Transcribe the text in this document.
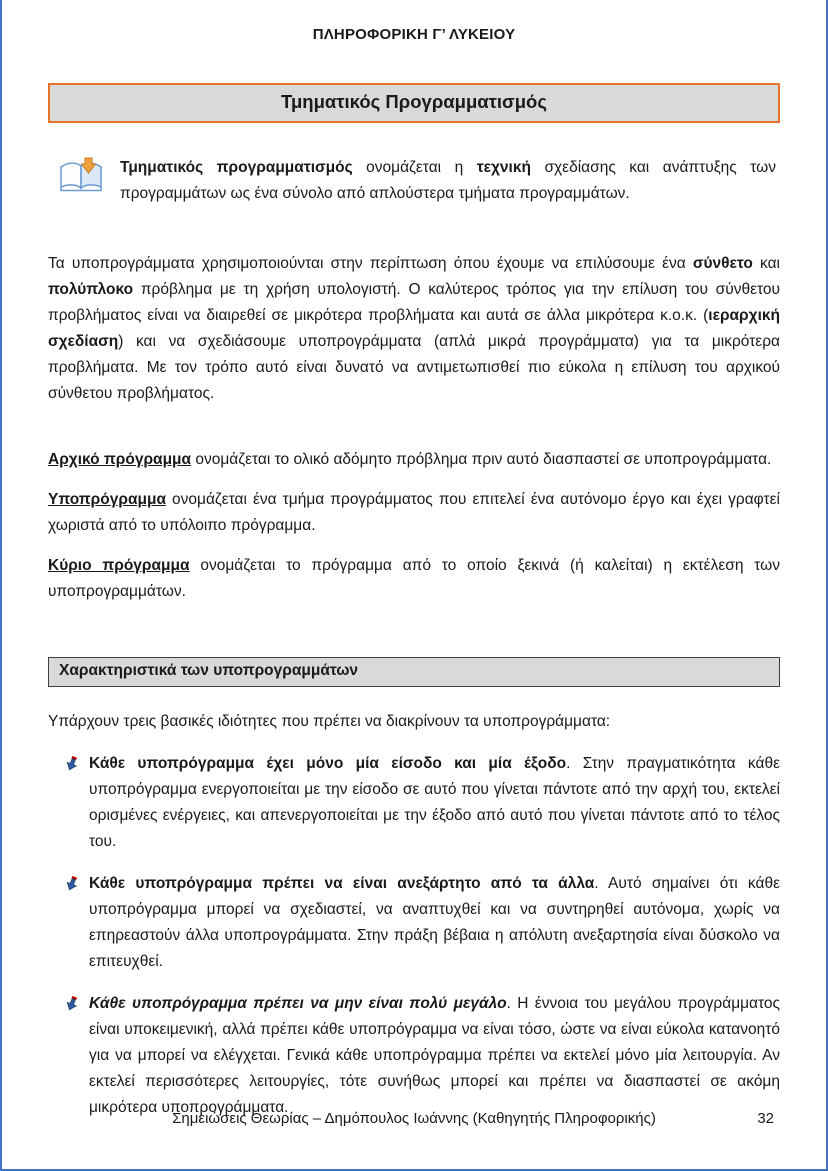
ΠΛΗΡΟΦΟΡΙΚΗ Γ’ ΛΥΚΕΙΟΥ
Τμηματικός Προγραμματισμός

Τμηματικός προγραμματισμός ονομάζεται η τεχνική σχεδίασης και ανάπτυξης των προγραμμάτων ως ένα σύνολο από απλούστερα τμήματα προγραμμάτων.

Τα υποπρογράμματα χρησιμοποιούνται στην περίπτωση όπου έχουμε να επιλύσουμε ένα σύνθετο και πολύπλοκο πρόβλημα με τη χρήση υπολογιστή. Ο καλύτερος τρόπος για την επίλυση του σύνθετου προβλήματος είναι να διαιρεθεί σε μικρότερα προβλήματα και αυτά σε άλλα μικρότερα κ.ο.κ. (ιεραρχική σχεδίαση) και να σχεδιάσουμε υποπρογράμματα (απλά μικρά προγράμματα) για τα μικρότερα προβλήματα. Με τον τρόπο αυτό είναι δυνατό να αντιμετωπισθεί πιο εύκολα η επίλυση του αρχικού σύνθετου προβλήματος.

Αρχικό πρόγραμμα ονομάζεται το ολικό αδόμητο πρόβλημα πριν αυτό διασπαστεί σε υποπρογράμματα.

Υποπρόγραμμα ονομάζεται ένα τμήμα προγράμματος που επιτελεί ένα αυτόνομο έργο και έχει γραφτεί χωριστά από το υπόλοιπο πρόγραμμα.

Κύριο πρόγραμμα ονομάζεται το πρόγραμμα από το οποίο ξεκινά (ή καλείται) η εκτέλεση των υποπρογραμμάτων.

Χαρακτηριστικά των υποπρογραμμάτων

Υπάρχουν τρεις βασικές ιδιότητες που πρέπει να διακρίνουν τα υποπρογράμματα:

Κάθε υποπρόγραμμα έχει μόνο μία είσοδο και μία έξοδο. Στην πραγματικότητα κάθε υποπρόγραμμα ενεργοποιείται με την είσοδο σε αυτό που γίνεται πάντοτε από την αρχή του, εκτελεί ορισμένες ενέργειες, και απενεργοποιείται με την έξοδο από αυτό που γίνεται πάντοτε από το τέλος του.

Κάθε υποπρόγραμμα πρέπει να είναι ανεξάρτητο από τα άλλα. Αυτό σημαίνει ότι κάθε υποπρόγραμμα μπορεί να σχεδιαστεί, να αναπτυχθεί και να συντηρηθεί αυτόνομα, χωρίς να επηρεαστούν άλλα υποπρογράμματα. Στην πράξη βέβαια η απόλυτη ανεξαρτησία είναι δύσκολο να επιτευχθεί.

Κάθε υποπρόγραμμα πρέπει να μην είναι πολύ μεγάλο. Η έννοια του μεγάλου προγράμματος είναι υποκειμενική, αλλά πρέπει κάθε υποπρόγραμμα να είναι τόσο, ώστε να είναι εύκολα κατανοητό για να μπορεί να ελέγχεται. Γενικά κάθε υποπρόγραμμα πρέπει να εκτελεί μόνο μία λειτουργία. Αν εκτελεί περισσότερες λειτουργίες, τότε συνήθως μπορεί και πρέπει να διασπαστεί σε ακόμη μικρότερα υποπρογράμματα.

Σημειώσεις Θεωρίας – Δημόπουλος Ιωάννης (Καθηγητής Πληροφορικής)	32
